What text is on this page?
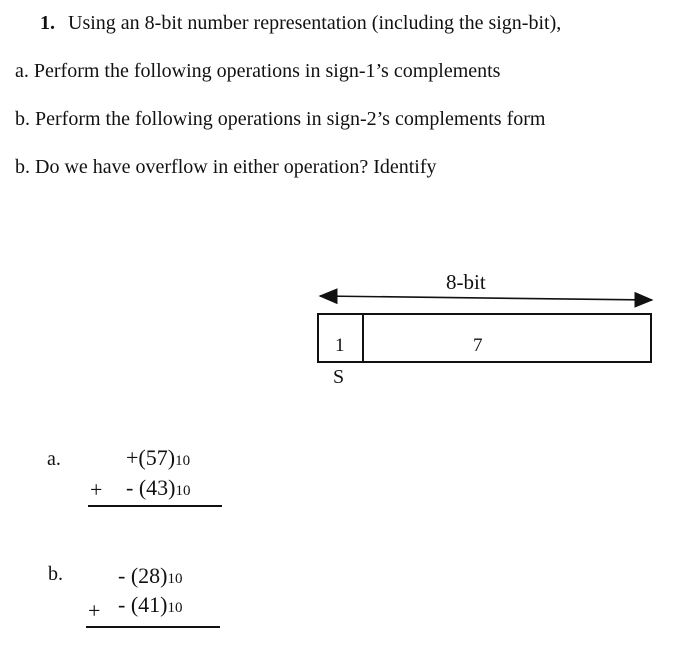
1. Using an 8-bit number representation (including the sign-bit),
a. Perform the following operations in sign-1’s complements
b. Perform the following operations in sign-2’s complements form
b. Do we have overflow in either operation? Identify
8-bit
1	7
S
a.	+(57)10
+ - (43)10
b.	- (28)10
+ - (41)10
